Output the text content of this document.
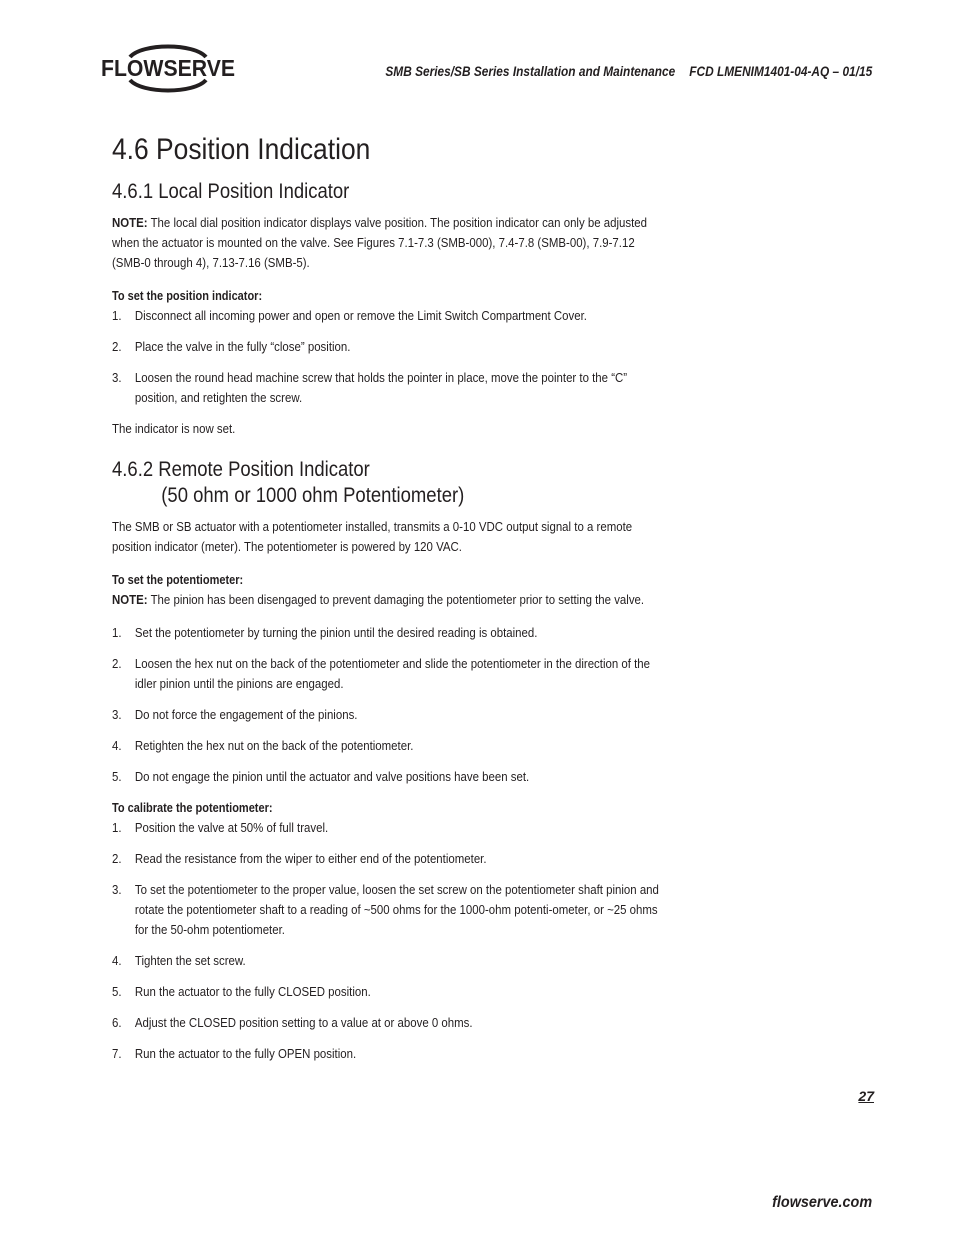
FLOWSERVE	SMB Series/SB Series Installation and Maintenance FCD LMENIM1401-04-AQ – 01/15
4.6 Position Indication
4.6.1 Local Position Indicator

NOTE: The local dial position indicator displays valve position. The position indicator can only be adjusted when the actuator is mounted on the valve. See Figures 7.1-7.3 (SMB-000), 7.4-7.8 (SMB-00), 7.9-7.12 (SMB-0 through 4), 7.13-7.16 (SMB-5).

To set the position indicator:

1. Disconnect all incoming power and open or remove the Limit Switch Compartment Cover.
2. Place the valve in the fully “close” position.
3. Loosen the round head machine screw that holds the pointer in place, move the pointer to the “C” position, and retighten the screw.

The indicator is now set.

4.6.2 Remote Position Indicator
(50 ohm or 1000 ohm Potentiometer)

The SMB or SB actuator with a potentiometer installed, transmits a 0-10 VDC output signal to a remote position indicator (meter). The potentiometer is powered by 120 VAC.

To set the potentiometer:

NOTE: The pinion has been disengaged to prevent damaging the potentiometer prior to setting the valve.

1. Set the potentiometer by turning the pinion until the desired reading is obtained.
2. Loosen the hex nut on the back of the potentiometer and slide the potentiometer in the direction of the idler pinion until the pinions are engaged.
3. Do not force the engagement of the pinions.
4. Retighten the hex nut on the back of the potentiometer.
5. Do not engage the pinion until the actuator and valve positions have been set.

To calibrate the potentiometer:

1. Position the valve at 50% of full travel.
2. Read the resistance from the wiper to either end of the potentiometer.
3. To set the potentiometer to the proper value, loosen the set screw on the potentiometer shaft pinion and rotate the potentiometer shaft to a reading of ~500 ohms for the 1000-ohm potenti-ometer, or ~25 ohms for the 50-ohm potentiometer.
4. Tighten the set screw.
5. Run the actuator to the fully CLOSED position.
6. Adjust the CLOSED position setting to a value at or above 0 ohms.
7. Run the actuator to the fully OPEN position.
27
flowserve.com
